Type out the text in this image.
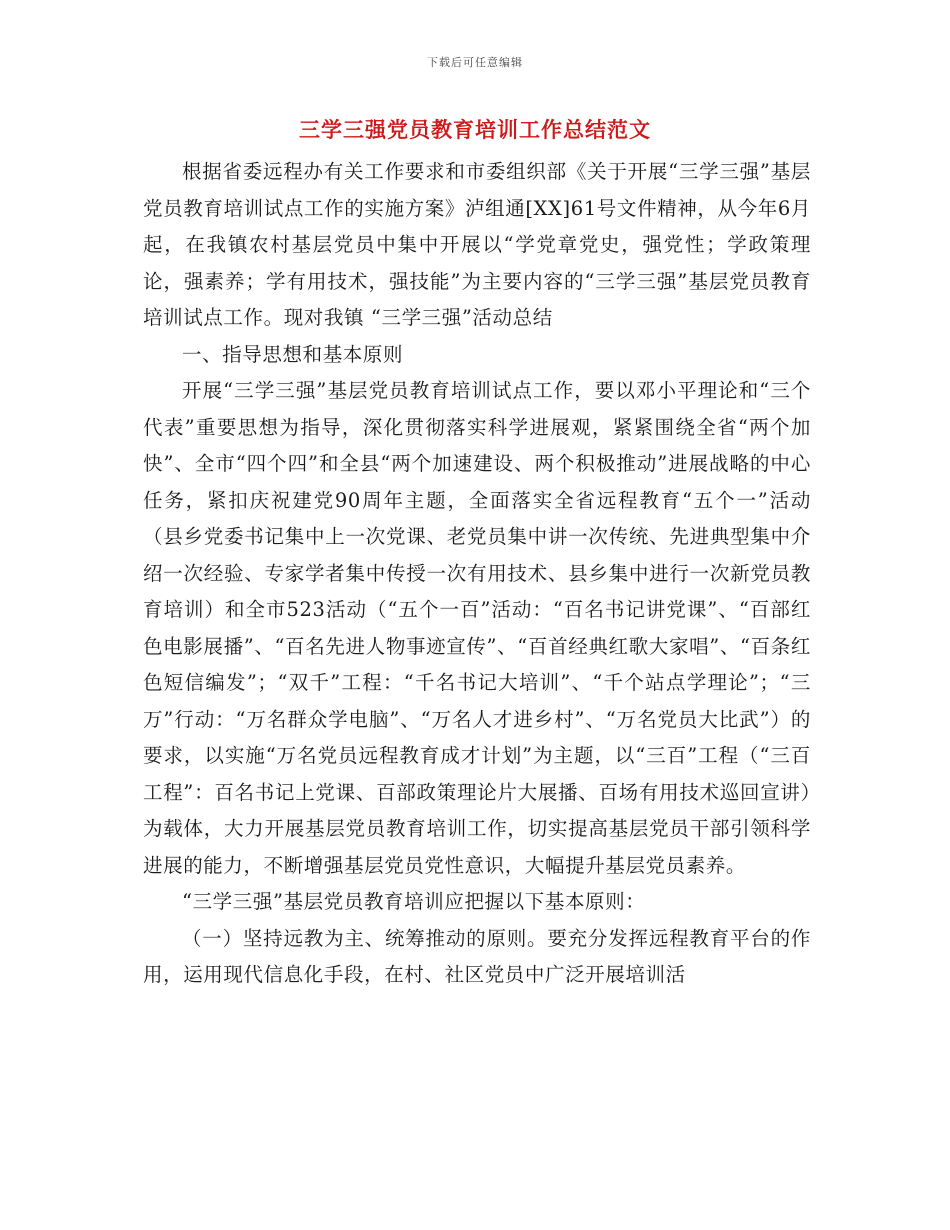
下载后可任意编辑
三学三强党员教育培训工作总结范文

根据省委远程办有关工作要求和市委组织部《关于开展“三学三强”基层党员教育培训试点工作的实施方案》泸组通[XX]61号文件精神，从今年6月起，在我镇农村基层党员中集中开展以“学党章党史，强党性；学政策理论，强素养；学有用技术，强技能”为主要内容的“三学三强”基层党员教育培训试点工作。现对我镇 “三学三强”活动总结

一、指导思想和基本原则

开展“三学三强”基层党员教育培训试点工作，要以邓小平理论和“三个代表”重要思想为指导，深化贯彻落实科学进展观，紧紧围绕全省“两个加快”、全市“四个四”和全县“两个加速建设、两个积极推动”进展战略的中心任务，紧扣庆祝建党90周年主题，全面落实全省远程教育“五个一”活动（县乡党委书记集中上一次党课、老党员集中讲一次传统、先进典型集中介绍一次经验、专家学者集中传授一次有用技术、县乡集中进行一次新党员教育培训）和全市523活动（“五个一百”活动：“百名书记讲党课”、“百部红色电影展播”、“百名先进人物事迹宣传”、“百首经典红歌大家唱”、“百条红色短信编发”；“双千”工程：“千名书记大培训”、“千个站点学理论”；“三万”行动：“万名群众学电脑”、“万名人才进乡村”、“万名党员大比武”）的要求，以实施“万名党员远程教育成才计划”为主题，以“三百”工程（“三百工程”：百名书记上党课、百部政策理论片大展播、百场有用技术巡回宣讲）为载体，大力开展基层党员教育培训工作，切实提高基层党员干部引领科学进展的能力，不断增强基层党员党性意识，大幅提升基层党员素养。

“三学三强”基层党员教育培训应把握以下基本原则：

（一）坚持远教为主、统筹推动的原则。要充分发挥远程教育平台的作用，运用现代信息化手段，在村、社区党员中广泛开展培训活
